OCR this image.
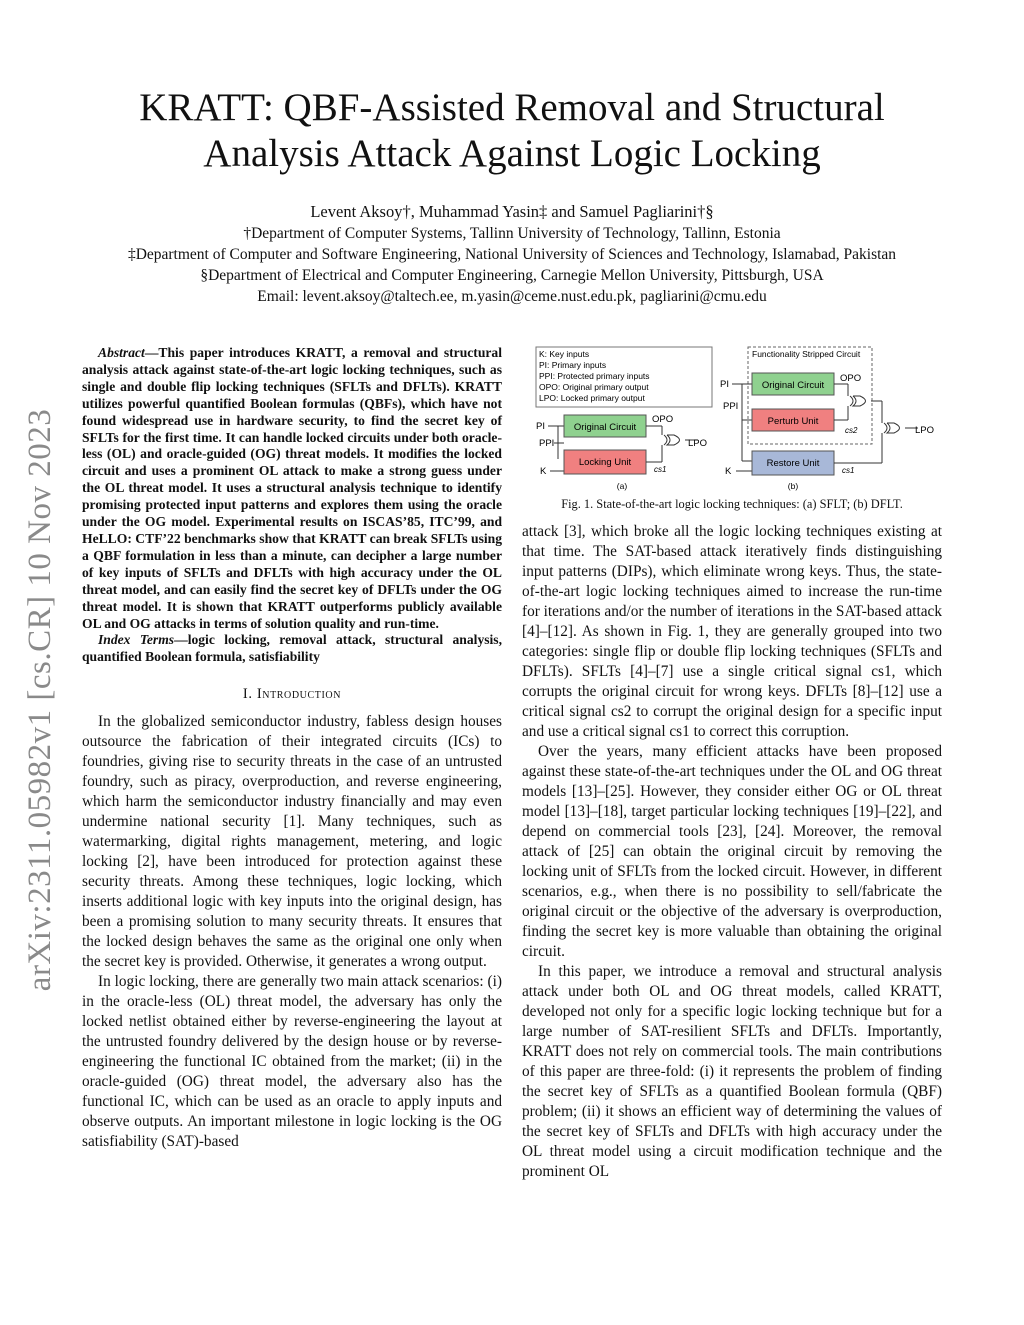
arXiv:2311.05982v1 [cs.CR] 10 Nov 2023
KRATT: QBF-Assisted Removal and Structural
Analysis Attack Against Logic Locking
Levent Aksoy†, Muhammad Yasin‡ and Samuel Pagliarini†§
†Department of Computer Systems, Tallinn University of Technology, Tallinn, Estonia
‡Department of Computer and Software Engineering, National University of Sciences and Technology, Islamabad, Pakistan
§Department of Electrical and Computer Engineering, Carnegie Mellon University, Pittsburgh, USA
Email: levent.aksoy@taltech.ee, m.yasin@ceme.nust.edu.pk, pagliarini@cmu.edu

Abstract—This paper introduces KRATT, a removal and structural analysis attack against state-of-the-art logic locking techniques, such as single and double flip locking techniques (SFLTs and DFLTs). KRATT utilizes powerful quantified Boolean formulas (QBFs), which have not found widespread use in hardware security, to find the secret key of SFLTs for the first time. It can handle locked circuits under both oracle-less (OL) and oracle-guided (OG) threat models. It modifies the locked circuit and uses a prominent OL attack to make a strong guess under the OL threat model. It uses a structural analysis technique to identify promising protected input patterns and explores them using the oracle under the OG model. Experimental results on ISCAS’85, ITC’99, and HeLLO: CTF’22 benchmarks show that KRATT can break SFLTs using a QBF formulation in less than a minute, can decipher a large number of key inputs of SFLTs and DFLTs with high accuracy under the OL threat model, and can easily find the secret key of DFLTs under the OG threat model. It is shown that KRATT outperforms publicly available OL and OG attacks in terms of solution quality and run-time.

Index Terms—logic locking, removal attack, structural analysis, quantified Boolean formula, satisfiability

I. Introduction

In the globalized semiconductor industry, fabless design houses outsource the fabrication of their integrated circuits (ICs) to foundries, giving rise to security threats in the case of an untrusted foundry, such as piracy, overproduction, and reverse engineering, which harm the semiconductor industry financially and may even undermine national security [1]. Many techniques, such as watermarking, digital rights management, metering, and logic locking [2], have been introduced for protection against these security threats. Among these techniques, logic locking, which inserts additional logic with key inputs into the original design, has been a promising solution to many security threats. It ensures that the locked design behaves the same as the original one only when the secret key is provided. Otherwise, it generates a wrong output.

In logic locking, there are generally two main attack scenarios: (i) in the oracle-less (OL) threat model, the adversary has only the locked netlist obtained either by reverse-engineering the layout at the untrusted foundry delivered by the design house or by reverse-engineering the functional IC obtained from the market; (ii) in the oracle-guided (OG) threat model, the adversary also has the functional IC, which can be used as an oracle to apply inputs and observe outputs. An important milestone in logic locking is the OG satisfiability (SAT)-based

K: Key inputs
PI: Primary inputs
PPI: Protected primary inputs
OPO: Original primary output
LPO: Locked primary output
PI
PPI
K
Original Circuit
Locking Unit
OPO
LPO
cs1
(a)
Functionality Stripped Circuit
PI
PPI
K
Original Circuit
Perturb Unit
Restore Unit
OPO
cs2	LPO
cs1
(b)
Fig. 1. State-of-the-art logic locking techniques: (a) SFLT; (b) DFLT.

attack [3], which broke all the logic locking techniques existing at that time. The SAT-based attack iteratively finds distinguishing input patterns (DIPs), which eliminate wrong keys. Thus, the state-of-the-art logic locking techniques aimed to increase the run-time for iterations and/or the number of iterations in the SAT-based attack [4]–[12]. As shown in Fig. 1, they are generally grouped into two categories: single flip or double flip locking techniques (SFLTs and DFLTs). SFLTs [4]–[7] use a single critical signal cs1, which corrupts the original circuit for wrong keys. DFLTs [8]–[12] use a critical signal cs2 to corrupt the original design for a specific input and use a critical signal cs1 to correct this corruption.

Over the years, many efficient attacks have been proposed against these state-of-the-art techniques under the OL and OG threat models [13]–[25]. However, they consider either OG or OL threat model [13]–[18], target particular locking techniques [19]–[22], and depend on commercial tools [23], [24]. Moreover, the removal attack of [25] can obtain the original circuit by removing the locking unit of SFLTs from the locked circuit. However, in different scenarios, e.g., when there is no possibility to sell/fabricate the original circuit or the objective of the adversary is overproduction, finding the secret key is more valuable than obtaining the original circuit.

In this paper, we introduce a removal and structural analysis attack under both OL and OG threat models, called KRATT, developed not only for a specific logic locking technique but for a large number of SAT-resilient SFLTs and DFLTs. Importantly, KRATT does not rely on commercial tools. The main contributions of this paper are three-fold: (i) it represents the problem of finding the secret key of SFLTs as a quantified Boolean formula (QBF) problem; (ii) it shows an efficient way of determining the values of the secret key of SFLTs and DFLTs with high accuracy under the OL threat model using a circuit modification technique and the prominent OL
